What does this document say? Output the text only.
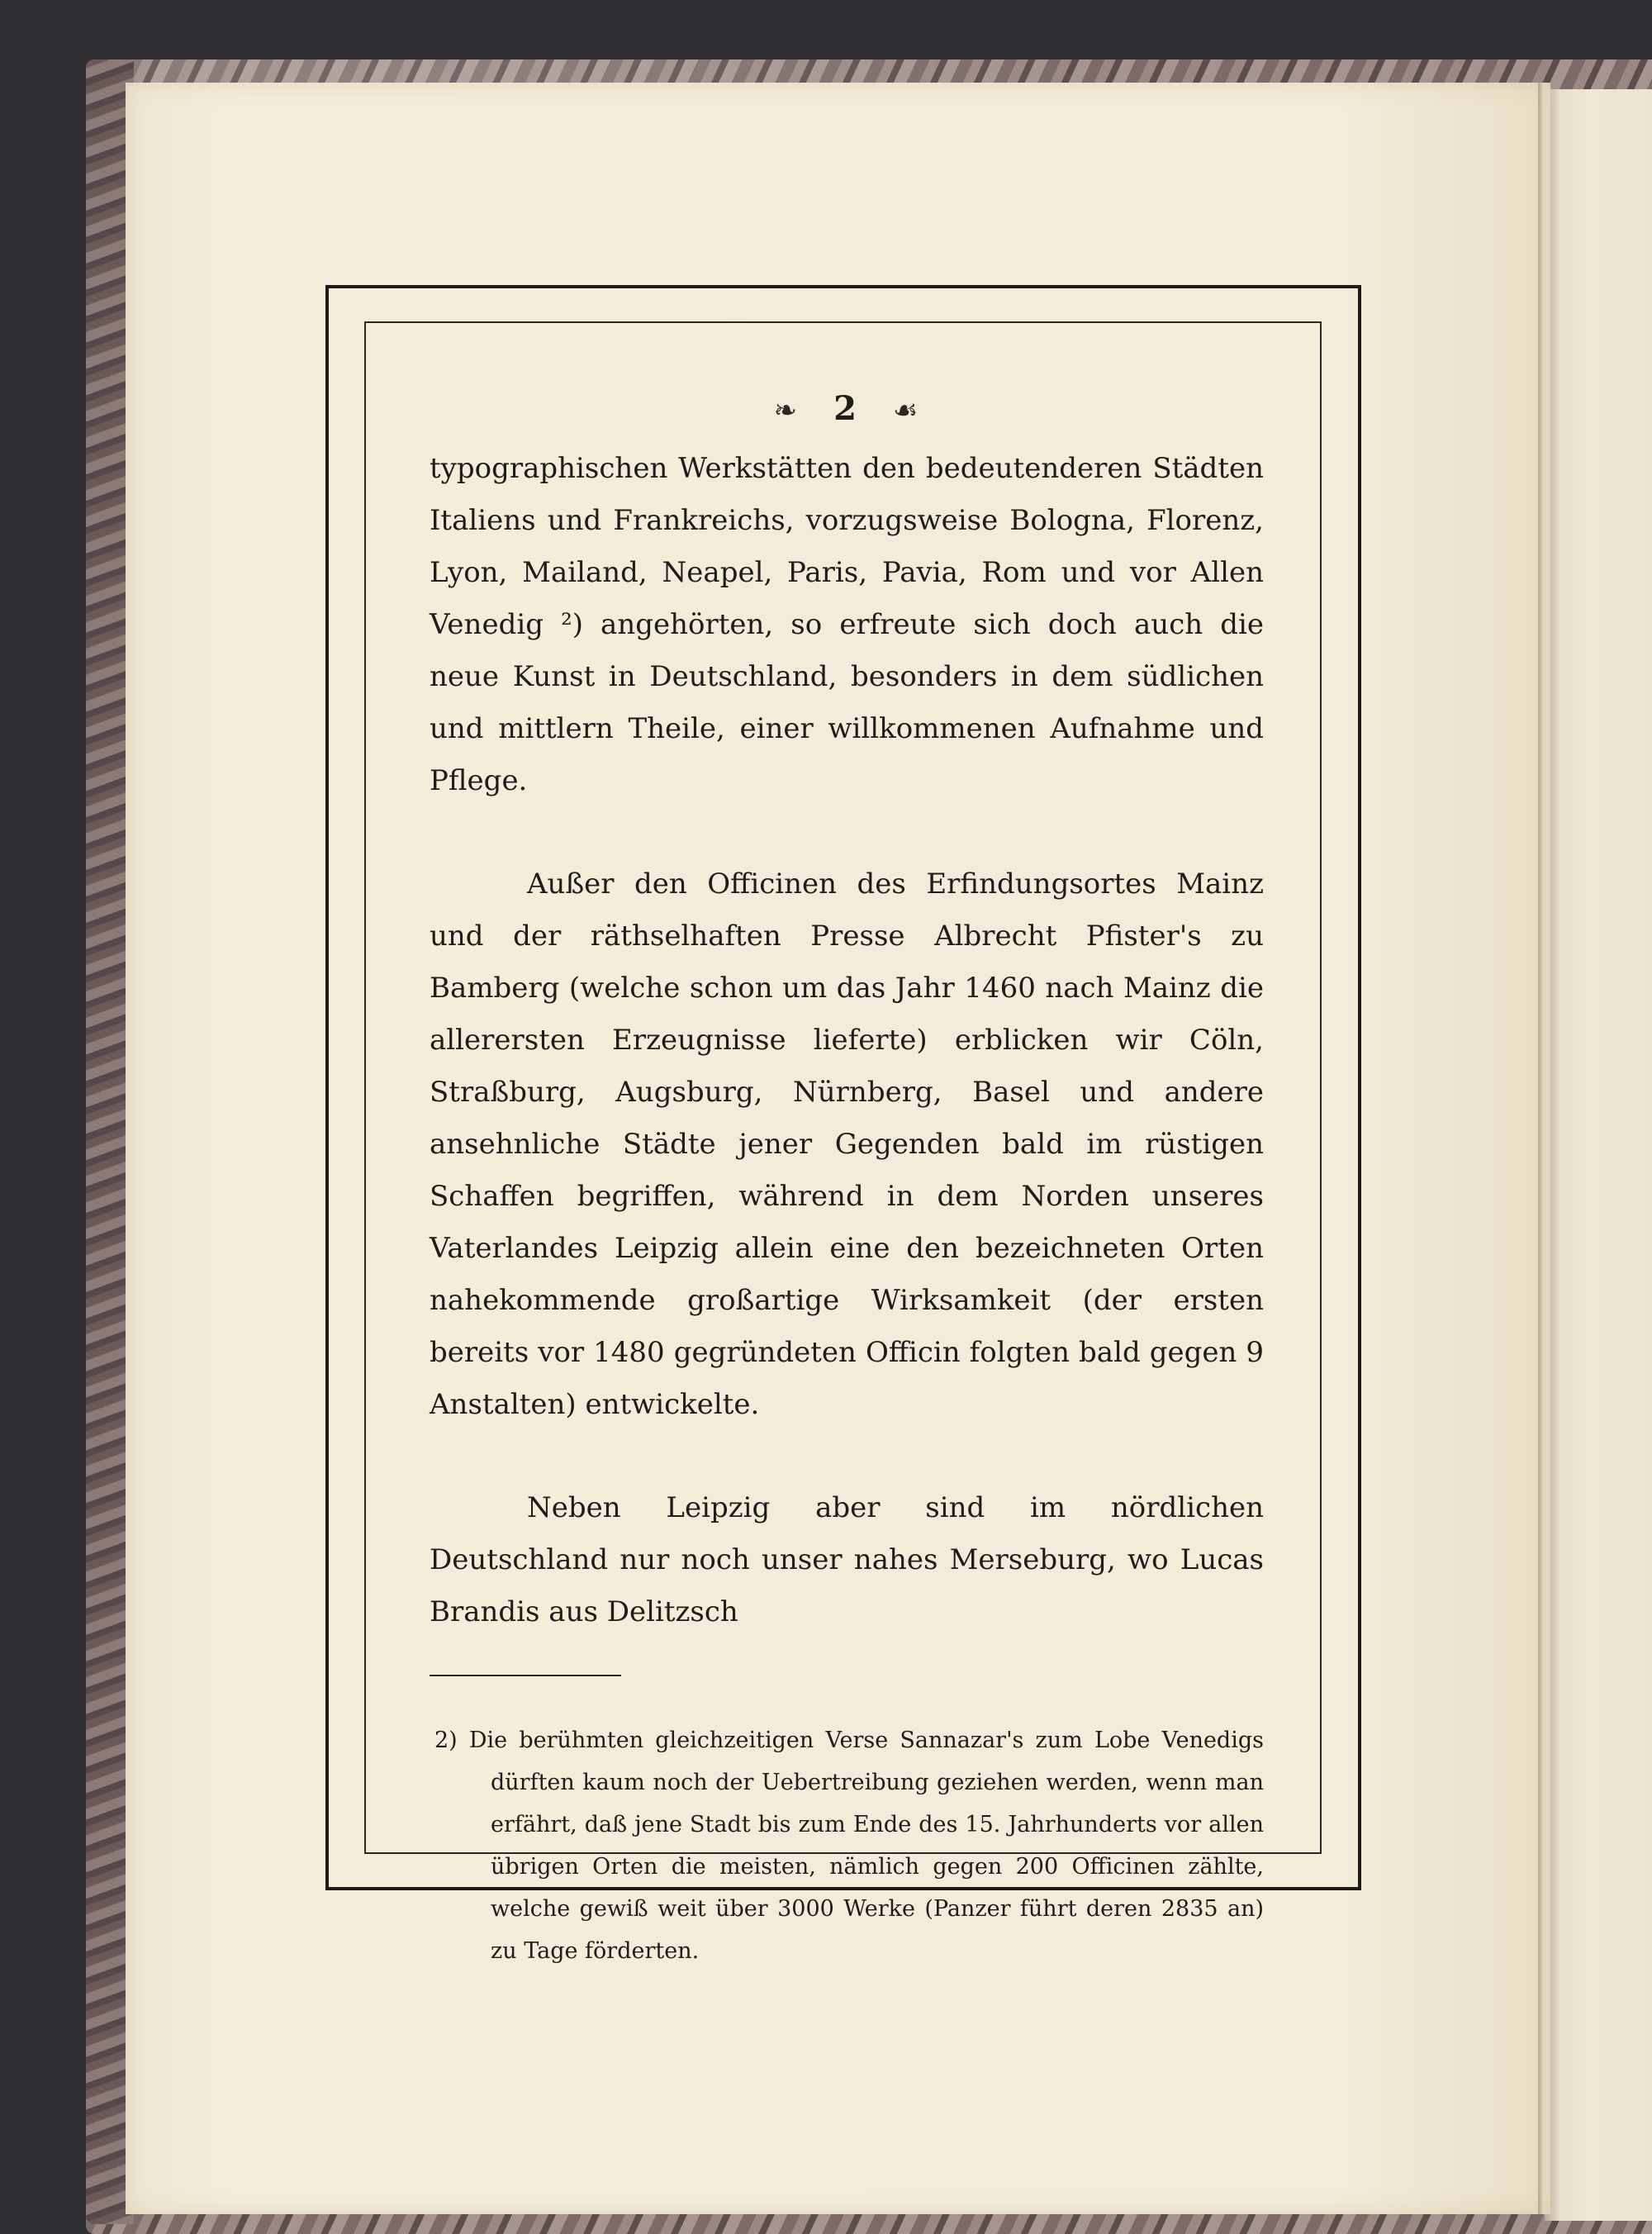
❧ 2 ☙

typographischen Werkstätten den bedeutenderen Städten Italiens und Frankreichs, vorzugsweise Bologna, Florenz, Lyon, Mailand, Neapel, Paris, Pavia, Rom und vor Allen Venedig ²) angehörten, so erfreute sich doch auch die neue Kunst in Deutschland, besonders in dem südlichen und mittlern Theile, einer willkommenen Aufnahme und Pflege.

Außer den Officinen des Erfindungsortes Mainz und der räthselhaften Presse Albrecht Pfister's zu Bamberg (welche schon um das Jahr 1460 nach Mainz die allerersten Erzeugnisse lieferte) erblicken wir Cöln, Straßburg, Augsburg, Nürnberg, Basel und andere ansehnliche Städte jener Gegenden bald im rüstigen Schaffen begriffen, während in dem Norden unseres Vaterlandes Leipzig allein eine den bezeichneten Orten nahekommende großartige Wirksamkeit (der ersten bereits vor 1480 gegründeten Officin folgten bald gegen 9 Anstalten) entwickelte.

Neben Leipzig aber sind im nördlichen Deutschland nur noch unser nahes Merseburg, wo Lucas Brandis aus Delitzsch

2) Die berühmten gleichzeitigen Verse Sannazar's zum Lobe Venedigs dürften kaum noch der Uebertreibung geziehen werden, wenn man erfährt, daß jene Stadt bis zum Ende des 15. Jahrhunderts vor allen übrigen Orten die meisten, nämlich gegen 200 Officinen zählte, welche gewiß weit über 3000 Werke (Panzer führt deren 2835 an) zu Tage förderten.
